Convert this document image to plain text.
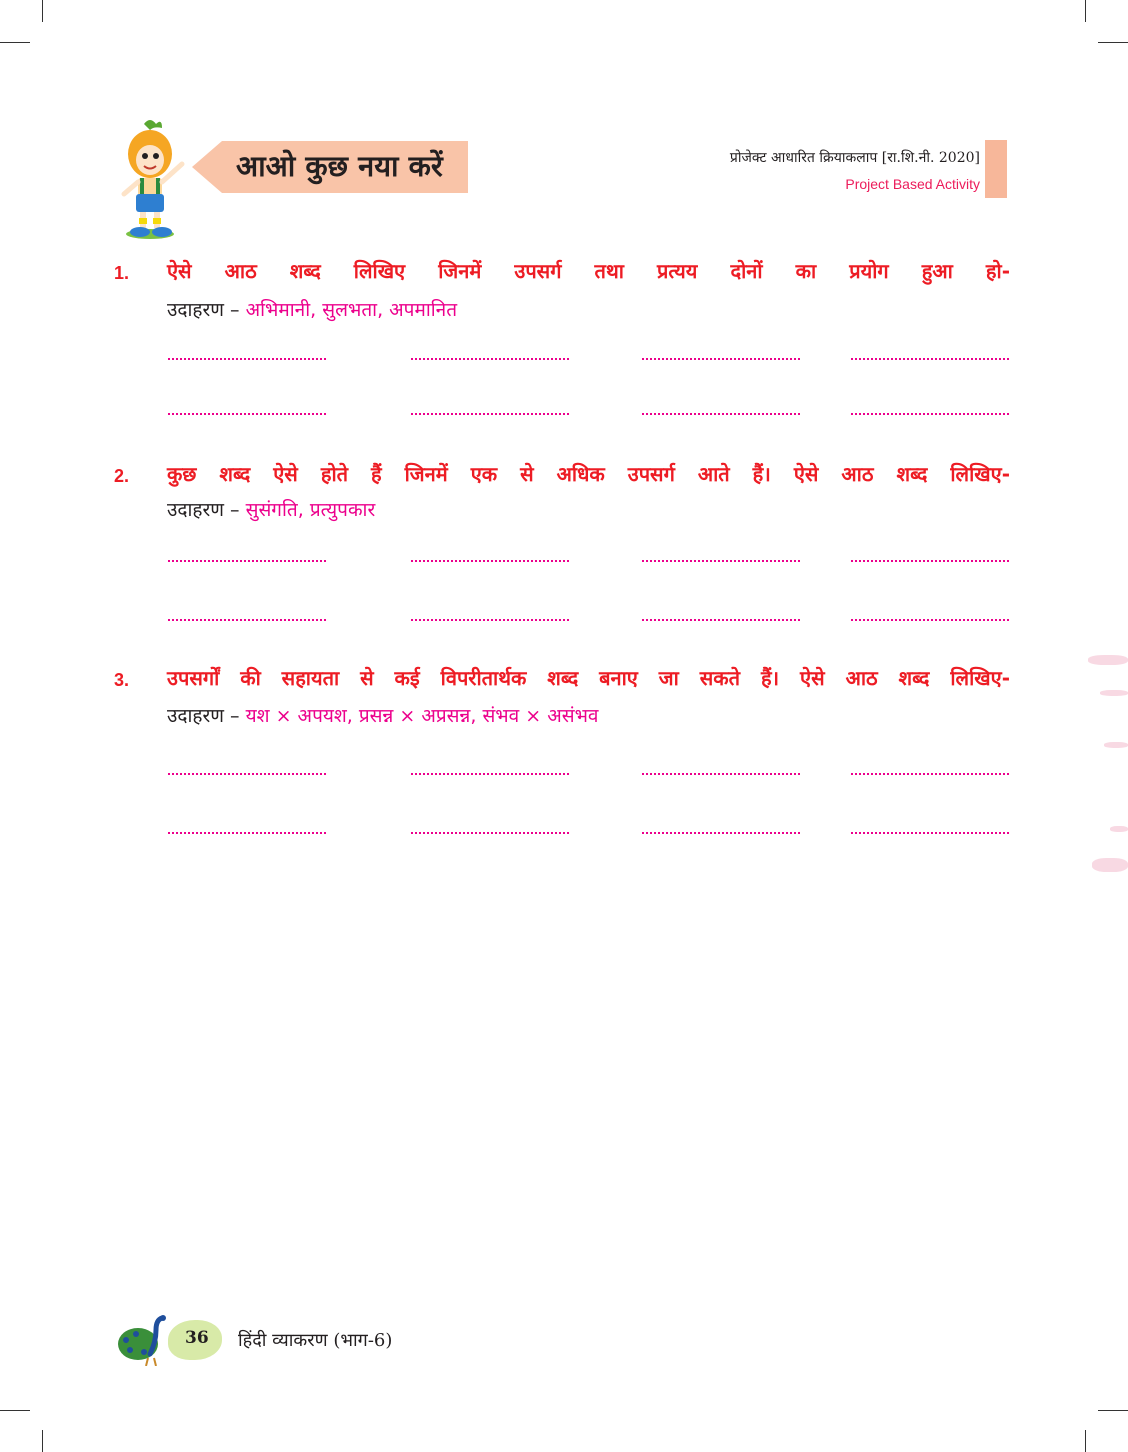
आओ कुछ नया करें	प्रोजेक्ट आधारित क्रियाकलाप [रा.शि.नी. 2020]
Project Based Activity
1. ऐसे आठ शब्द लिखिए जिनमें उपसर्ग तथा प्रत्यय दोनों का प्रयोग हुआ हो-
उदाहरण – अभिमानी, सुलभता, अपमानित
2. कुछ शब्द ऐसे होते हैं जिनमें एक से अधिक उपसर्ग आते हैं। ऐसे आठ शब्द लिखिए-
उदाहरण – सुसंगति, प्रत्युपकार
3. उपसर्गों की सहायता से कई विपरीतार्थक शब्द बनाए जा सकते हैं। ऐसे आठ शब्द लिखिए-
उदाहरण – यश × अपयश, प्रसन्न × अप्रसन्न, संभव × असंभव
36 हिंदी व्याकरण (भाग-6)
